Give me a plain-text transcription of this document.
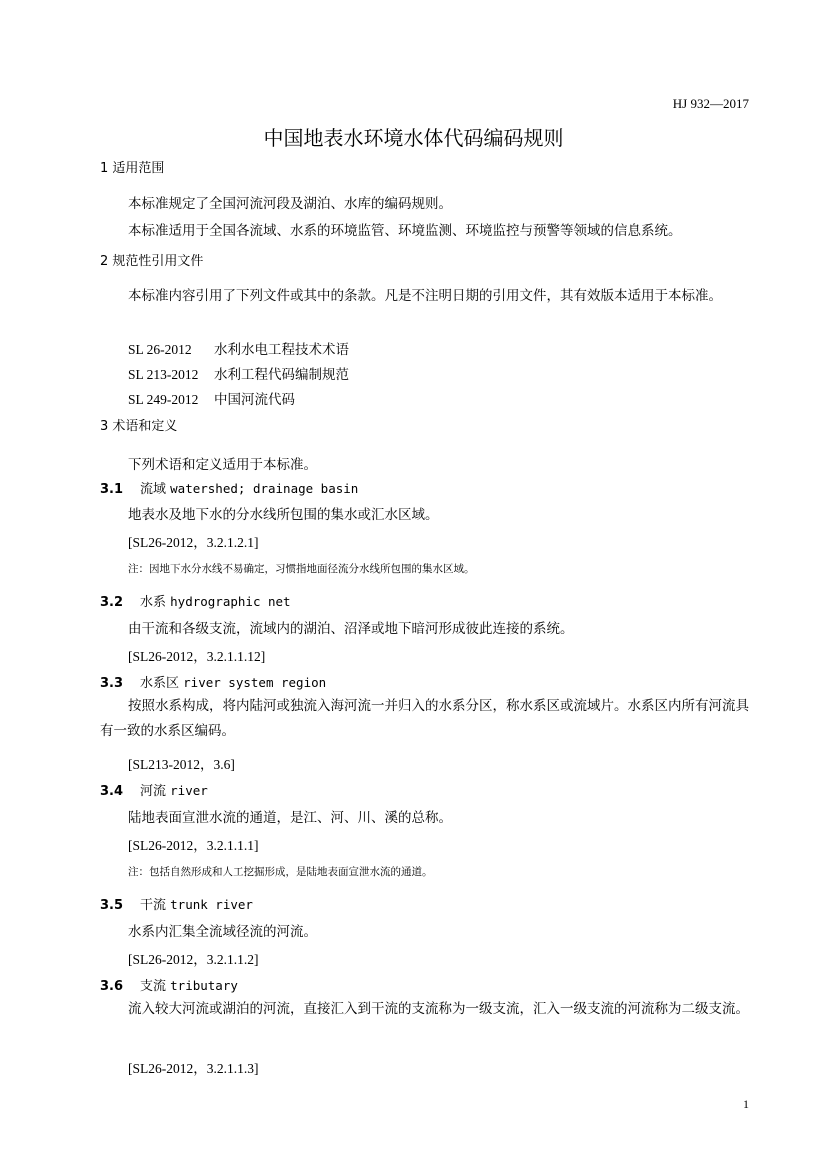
HJ 932—2017
中国地表水环境水体代码编码规则
1 适用范围
本标准规定了全国河流河段及湖泊、水库的编码规则。
本标准适用于全国各流域、水系的环境监管、环境监测、环境监控与预警等领域的信息系统。
2 规范性引用文件
本标准内容引用了下列文件或其中的条款。凡是不注明日期的引用文件，其有效版本适用于本标准。
SL 26-2012 水利水电工程技术术语
SL 213-2012 水利工程代码编制规范
SL 249-2012 中国河流代码
3 术语和定义
下列术语和定义适用于本标准。
3.1 流域 watershed; drainage basin
地表水及地下水的分水线所包围的集水或汇水区域。
[SL26-2012，3.2.1.2.1]
注：因地下水分水线不易确定，习惯指地面径流分水线所包围的集水区域。
3.2 水系 hydrographic net
由干流和各级支流，流域内的湖泊、沼泽或地下暗河形成彼此连接的系统。
[SL26-2012，3.2.1.1.12]
3.3 水系区 river system region
按照水系构成，将内陆河或独流入海河流一并归入的水系分区，称水系区或流域片。水系区内所有河流具有一致的水系区编码。
[SL213-2012，3.6]
3.4 河流 river
陆地表面宣泄水流的通道，是江、河、川、溪的总称。
[SL26-2012，3.2.1.1.1]
注：包括自然形成和人工挖掘形成，是陆地表面宣泄水流的通道。
3.5 干流 trunk river
水系内汇集全流域径流的河流。
[SL26-2012，3.2.1.1.2]
3.6 支流 tributary
流入较大河流或湖泊的河流，直接汇入到干流的支流称为一级支流，汇入一级支流的河流称为二级支流。
[SL26-2012，3.2.1.1.3]
1
